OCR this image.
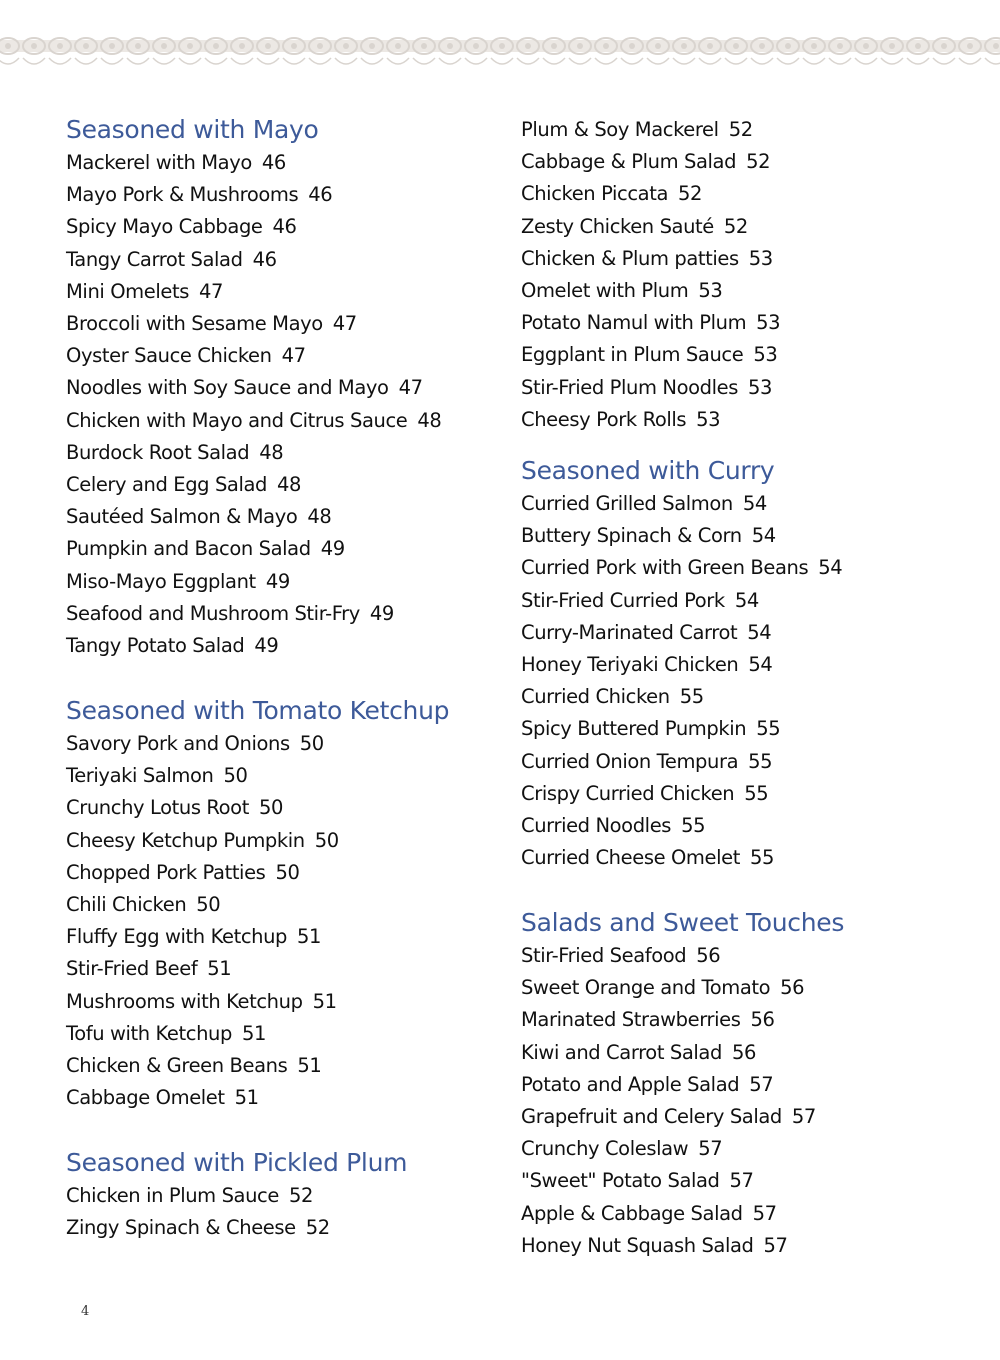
Seasoned with Mayo
Mackerel with Mayo 46
Mayo Pork & Mushrooms 46
Spicy Mayo Cabbage 46
Tangy Carrot Salad 46
Mini Omelets 47
Broccoli with Sesame Mayo 47
Oyster Sauce Chicken 47
Noodles with Soy Sauce and Mayo 47
Chicken with Mayo and Citrus Sauce 48
Burdock Root Salad 48
Celery and Egg Salad 48
Sautéed Salmon & Mayo 48
Pumpkin and Bacon Salad 49
Miso-Mayo Eggplant 49
Seafood and Mushroom Stir-Fry 49
Tangy Potato Salad 49
Seasoned with Tomato Ketchup
Savory Pork and Onions 50
Teriyaki Salmon 50
Crunchy Lotus Root 50
Cheesy Ketchup Pumpkin 50
Chopped Pork Patties 50
Chili Chicken 50
Fluffy Egg with Ketchup 51
Stir-Fried Beef 51
Mushrooms with Ketchup 51
Tofu with Ketchup 51
Chicken & Green Beans 51
Cabbage Omelet 51
Seasoned with Pickled Plum
Chicken in Plum Sauce 52
Zingy Spinach & Cheese 52
Plum & Soy Mackerel 52
Cabbage & Plum Salad 52
Chicken Piccata 52
Zesty Chicken Sauté 52
Chicken & Plum patties 53
Omelet with Plum 53
Potato Namul with Plum 53
Eggplant in Plum Sauce 53
Stir-Fried Plum Noodles 53
Cheesy Pork Rolls 53
Seasoned with Curry
Curried Grilled Salmon 54
Buttery Spinach & Corn 54
Curried Pork with Green Beans 54
Stir-Fried Curried Pork 54
Curry-Marinated Carrot 54
Honey Teriyaki Chicken 54
Curried Chicken 55
Spicy Buttered Pumpkin 55
Curried Onion Tempura 55
Crispy Curried Chicken 55
Curried Noodles 55
Curried Cheese Omelet 55
Salads and Sweet Touches
Stir-Fried Seafood 56
Sweet Orange and Tomato 56
Marinated Strawberries 56
Kiwi and Carrot Salad 56
Potato and Apple Salad 57
Grapefruit and Celery Salad 57
Crunchy Coleslaw 57
"Sweet" Potato Salad 57
Apple & Cabbage Salad 57
Honey Nut Squash Salad 57
4
